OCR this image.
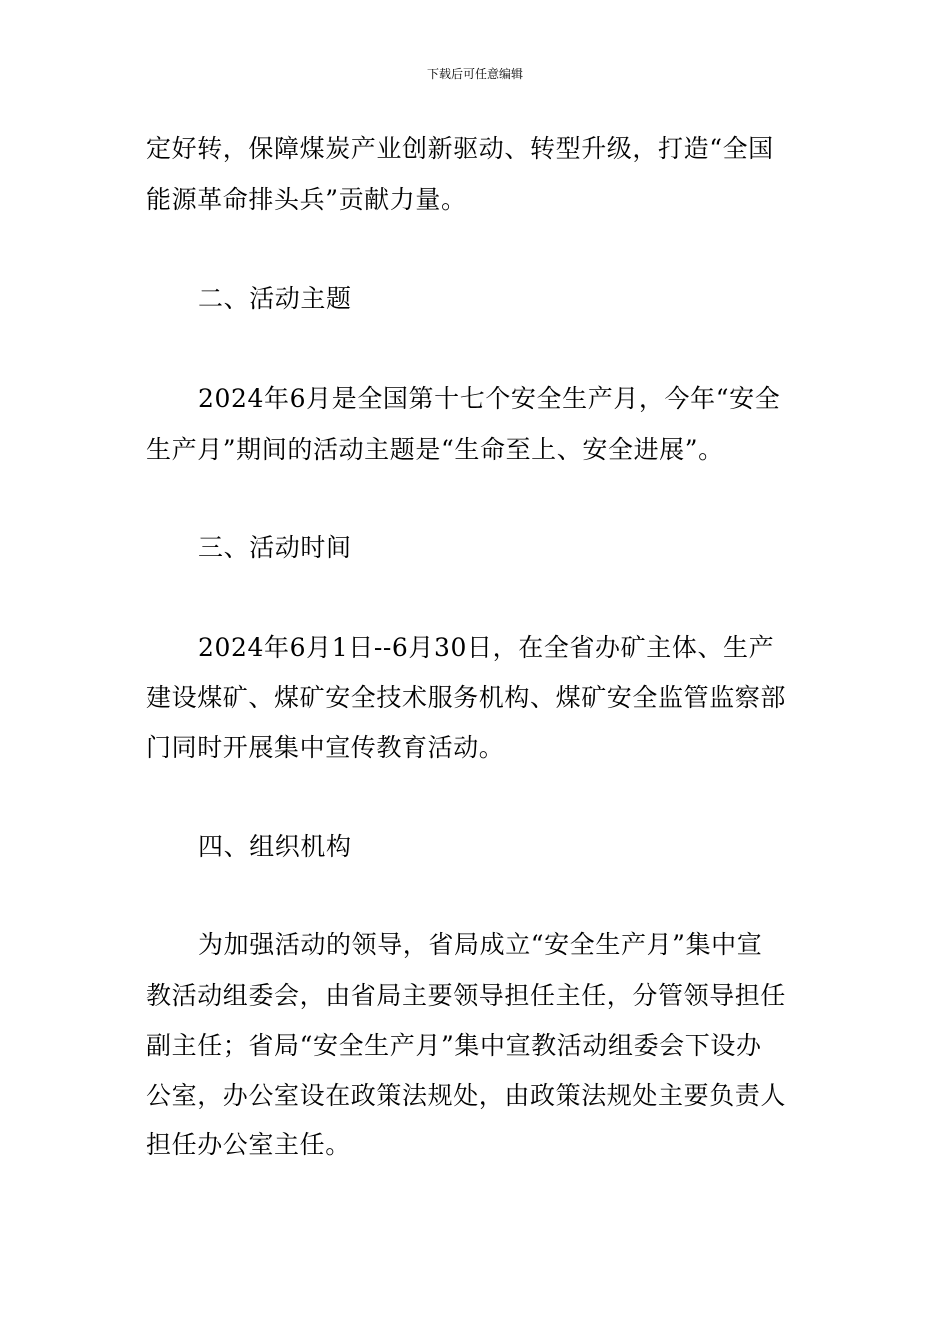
下载后可任意编辑
定好转，保障煤炭产业创新驱动、转型升级，打造“全国
能源革命排头兵”贡献力量。
二、活动主题
2024年6月是全国第十七个安全生产月，今年“安全
生产月”期间的活动主题是“生命至上、安全进展”。
三、活动时间
2024年6月1日--6月30日，在全省办矿主体、生产
建设煤矿、煤矿安全技术服务机构、煤矿安全监管监察部
门同时开展集中宣传教育活动。
四、组织机构
为加强活动的领导，省局成立“安全生产月”集中宣
教活动组委会，由省局主要领导担任主任，分管领导担任
副主任；省局“安全生产月”集中宣教活动组委会下设办
公室，办公室设在政策法规处，由政策法规处主要负责人
担任办公室主任。
